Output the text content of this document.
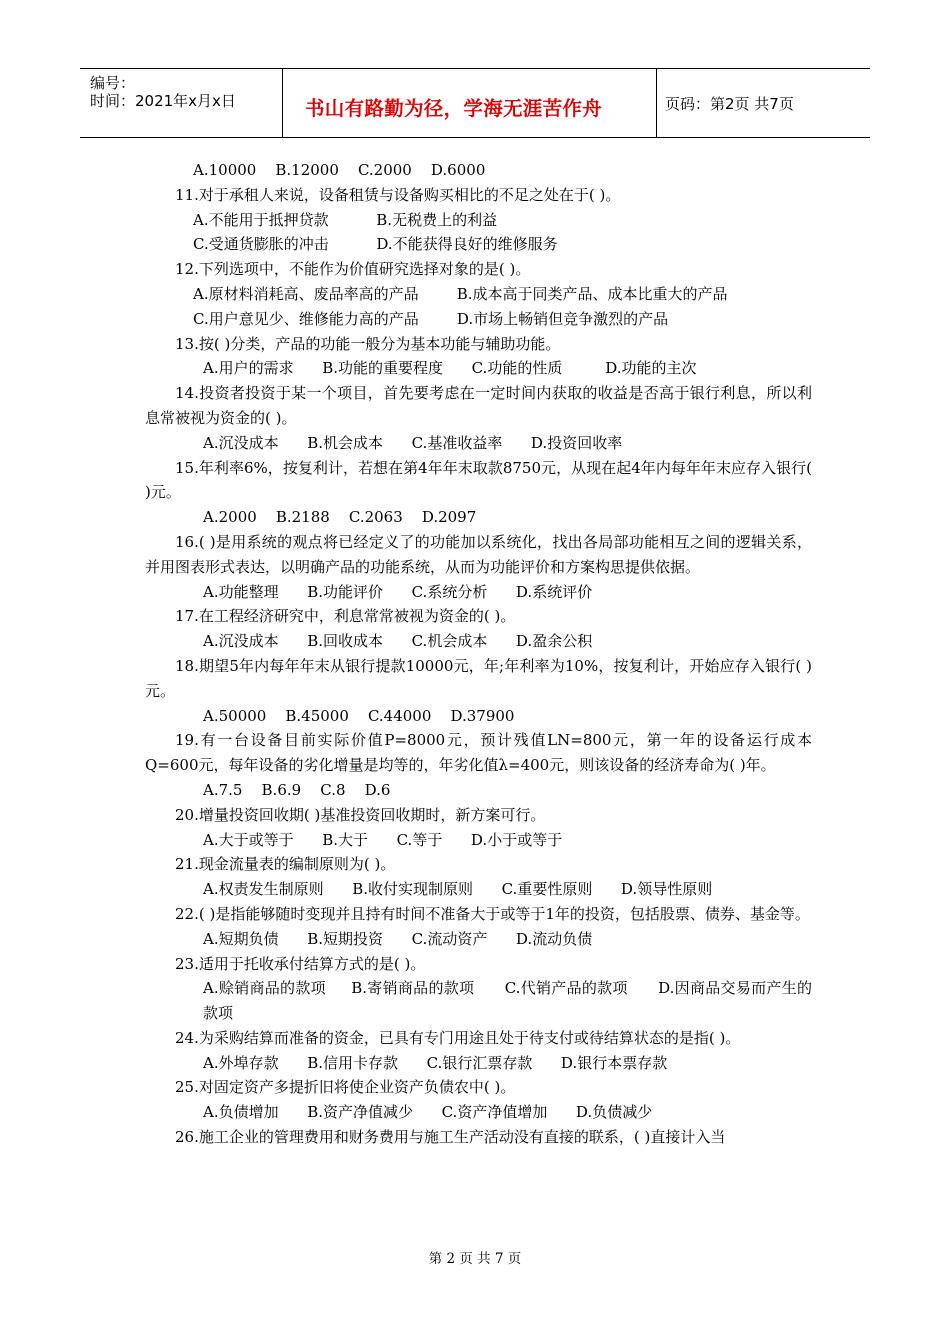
编号：
时间：2021年x月x日	书山有路勤为径，学海无涯苦作舟	页码：第2页 共7页

A.10000    B.12000    C.2000    D.6000

11.对于承租人来说，设备租赁与设备购买相比的不足之处在于( )。

A.不能用于抵押贷款          B.无税费上的利益

C.受通货膨胀的冲击          D.不能获得良好的维修服务

12.下列选项中，不能作为价值研究选择对象的是( )。

A.原材料消耗高、废品率高的产品        B.成本高于同类产品、成本比重大的产品

C.用户意见少、维修能力高的产品        D.市场上畅销但竞争激烈的产品

13.按( )分类，产品的功能一般分为基本功能与辅助功能。

A.用户的需求      B.功能的重要程度      C.功能的性质         D.功能的主次

14.投资者投资于某一个项目，首先要考虑在一定时间内获取的收益是否高于银行利息，所以利息常被视为资金的( )。

A.沉没成本      B.机会成本      C.基准收益率      D.投资回收率

15.年利率6%，按复利计，若想在第4年年末取款8750元，从现在起4年内每年年末应存入银行( )元。

A.2000    B.2188    C.2063    D.2097

16.( )是用系统的观点将已经定义了的功能加以系统化，找出各局部功能相互之间的逻辑关系，并用图表形式表达，以明确产品的功能系统，从而为功能评价和方案构思提供依据。

A.功能整理      B.功能评价      C.系统分析      D.系统评价

17.在工程经济研究中，利息常常被视为资金的( )。

A.沉没成本      B.回收成本      C.机会成本      D.盈余公积

18.期望5年内每年年末从银行提款10000元，年;年利率为10%，按复利计，开始应存入银行( )元。

A.50000    B.45000    C.44000    D.37900

19.有一台设备目前实际价值P=8000元，预计残值LN=800元，第一年的设备运行成本Q=600元，每年设备的劣化增量是均等的，年劣化值λ=400元，则该设备的经济寿命为( )年。

A.7.5    B.6.9    C.8    D.6

20.增量投资回收期( )基准投资回收期时，新方案可行。

A.大于或等于      B.大于      C.等于      D.小于或等于

21.现金流量表的编制原则为( )。

A.权责发生制原则      B.收付实现制原则      C.重要性原则      D.领导性原则

22.( )是指能够随时变现并且持有时间不准备大于或等于1年的投资，包括股票、债券、基金等。

A.短期负债      B.短期投资      C.流动资产      D.流动负债

23.适用于托收承付结算方式的是( )。

A.赊销商品的款项     B.寄销商品的款项      C.代销产品的款项      D.因商品交易而产生的款项

24.为采购结算而准备的资金，已具有专门用途且处于待支付或待结算状态的是指( )。

A.外埠存款      B.信用卡存款      C.银行汇票存款      D.银行本票存款

25.对固定资产多提折旧将使企业资产负债农中( )。

A.负债增加      B.资产净值减少      C.资产净值增加      D.负债减少

26.施工企业的管理费用和财务费用与施工生产活动没有直接的联系，( )直接计入当

第 2 页 共 7 页
